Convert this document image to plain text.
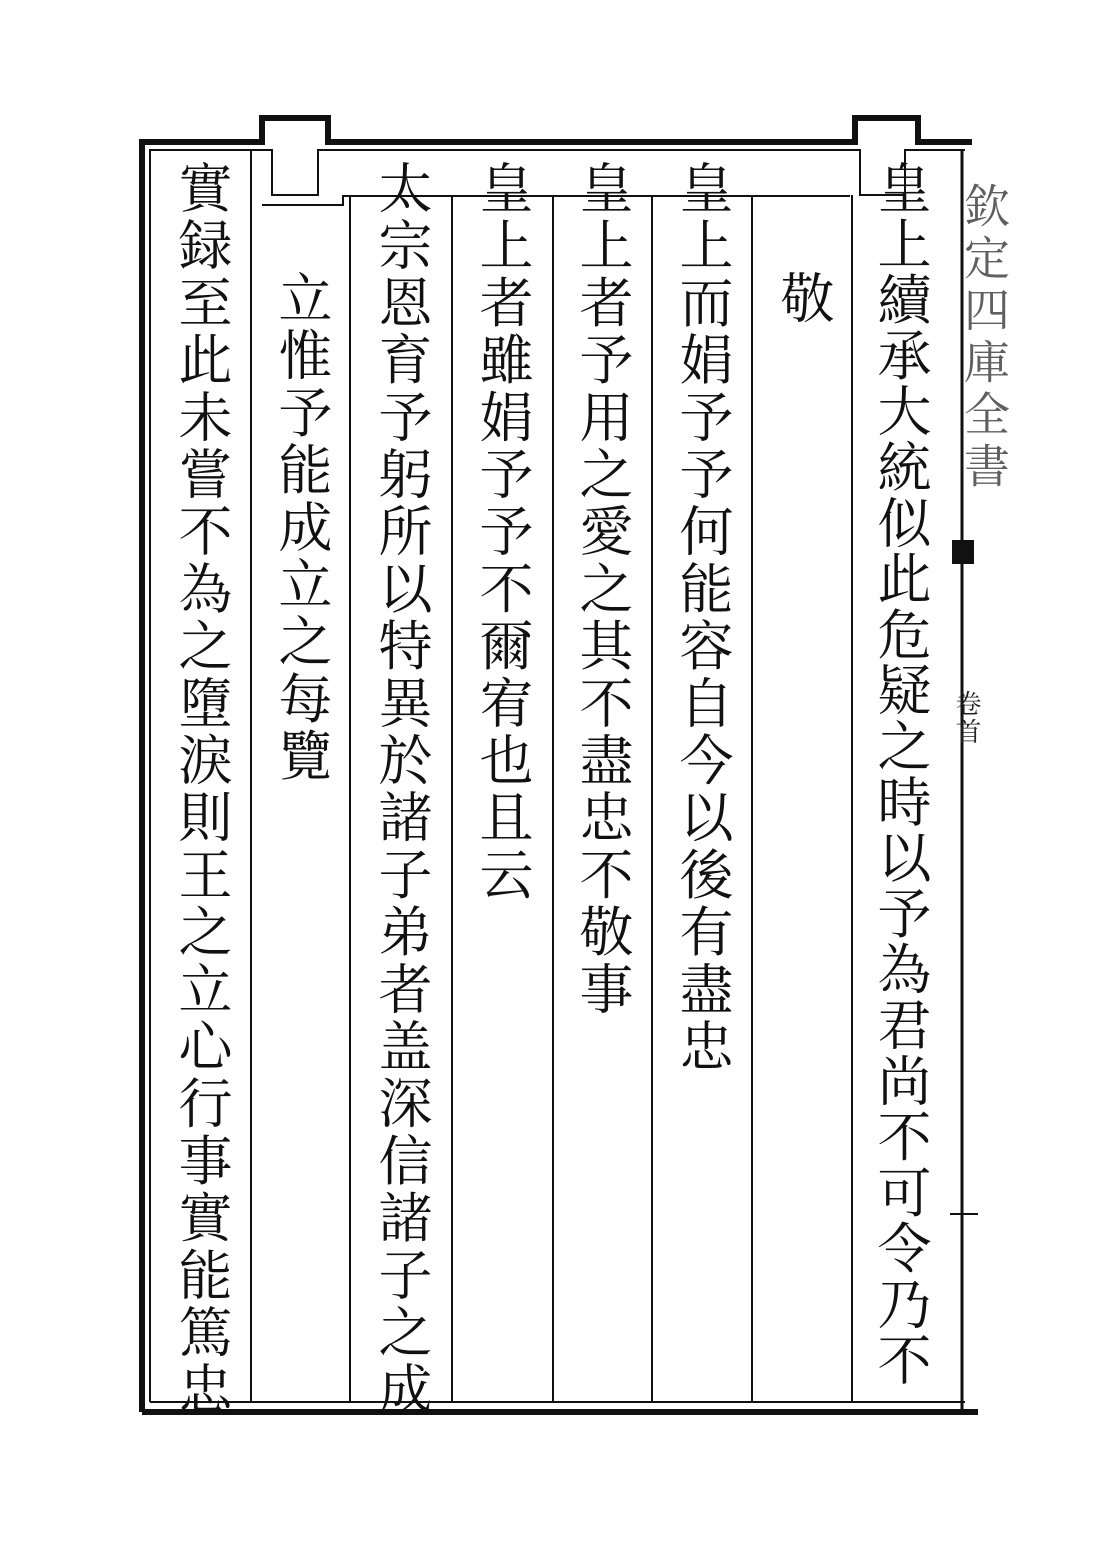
欽定四庫全書
卷首
皇上續承大統似此危疑之時以予為君尚不可令乃不
敬
皇上而娟予予何能容自今以後有盡忠
皇上者予用之愛之其不盡忠不敬事
皇上者雖娟予予不爾宥也且云
太宗恩育予躬所以特異於諸子弟者盖深信諸子之成
立惟予能成立之每覽
實録至此未嘗不為之墮淚則王之立心行事實能篤忠
